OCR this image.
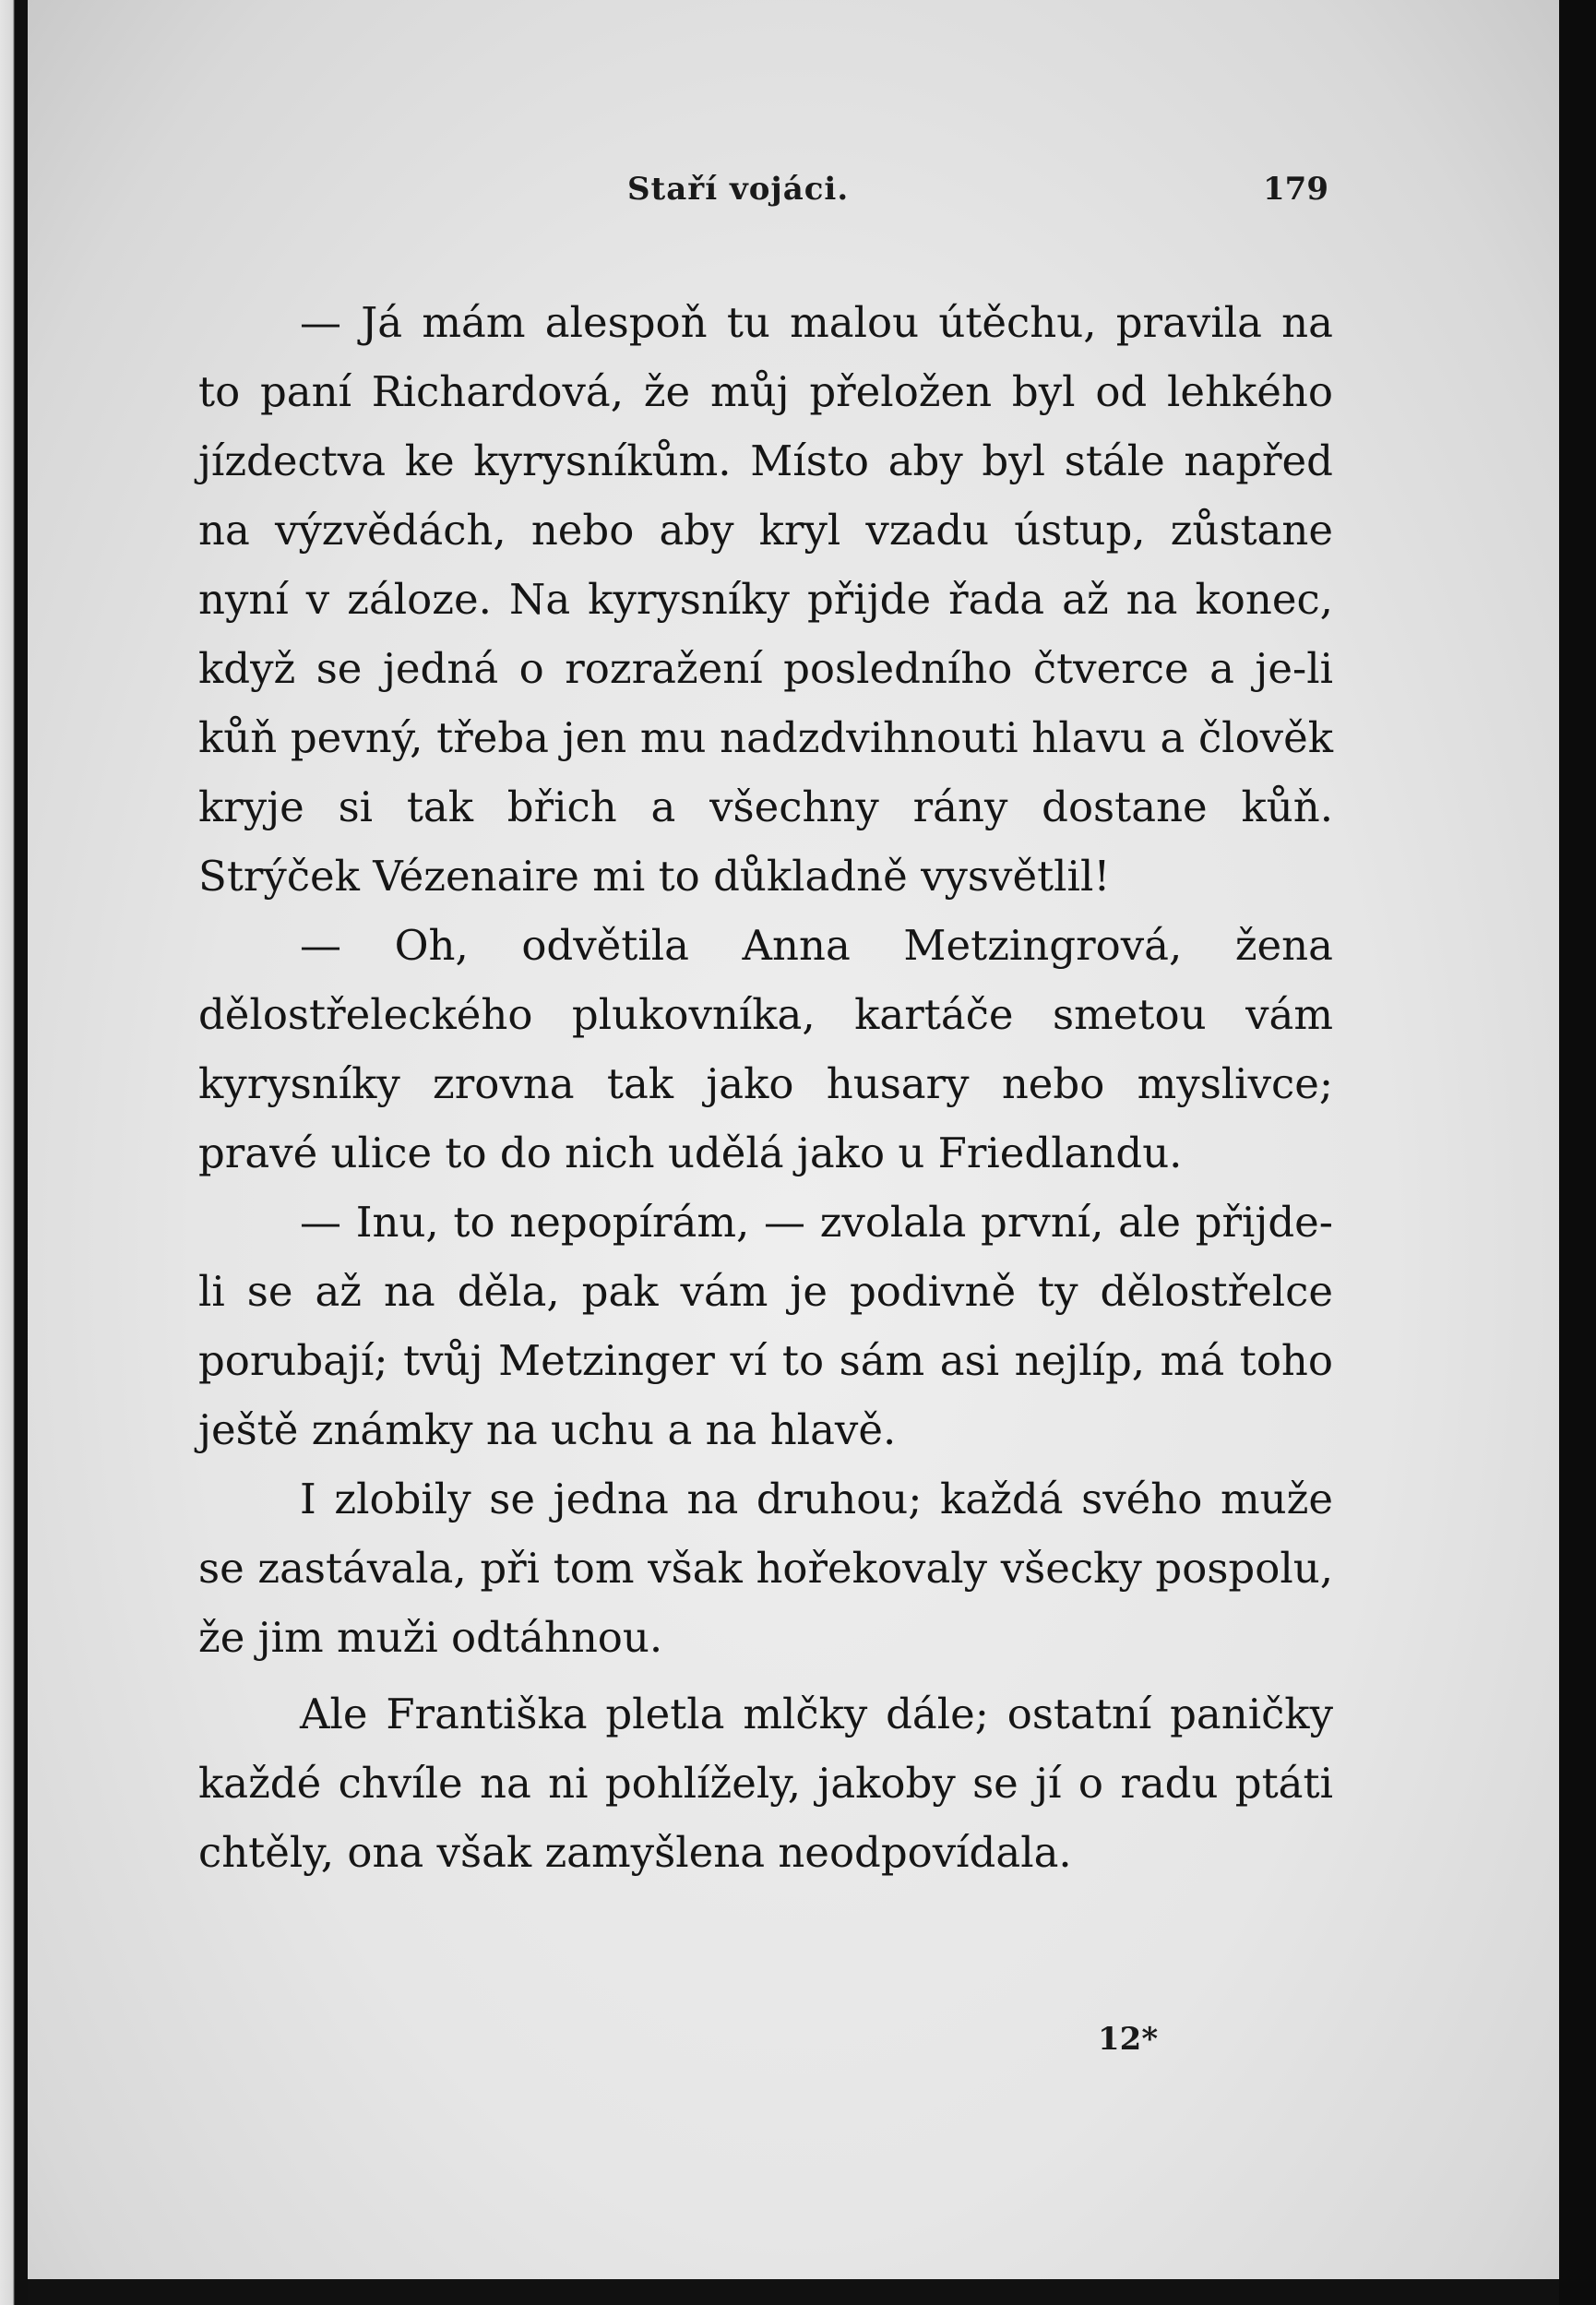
Staří vojáci.	179

— Já mám alespoň tu malou útěchu, pravila na to paní Richardová, že můj přeložen byl od lehkého jízdectva ke kyrysníkům. Místo aby byl stále napřed na výzvědách, nebo aby kryl vzadu ústup, zůstane nyní v záloze. Na kyrysníky přijde řada až na konec, když se jedná o rozražení posledního čtverce a je-li kůň pevný, třeba jen mu nadzdvihnouti hlavu a člověk kryje si tak břich a všechny rány dostane kůň. Strýček Vézenaire mi to důkladně vysvětlil!

— Oh, odvětila Anna Metzingrová, žena dělostřeleckého plukovníka, kartáče smetou vám kyrysníky zrovna tak jako husary nebo myslivce; pravé ulice to do nich udělá jako u Friedlandu.

— Inu, to nepopírám, — zvolala první, ale přijde-li se až na děla, pak vám je podivně ty dělostřelce porubají; tvůj Metzinger ví to sám asi nejlíp, má toho ještě známky na uchu a na hlavě.

I zlobily se jedna na druhou; každá svého muže se zastávala, při tom však hořekovaly všecky pospolu, že jim muži odtáhnou.

Ale Františka pletla mlčky dále; ostatní paničky každé chvíle na ni pohlížely, jakoby se jí o radu ptáti chtěly, ona však zamyšlena neodpovídala.

12*
